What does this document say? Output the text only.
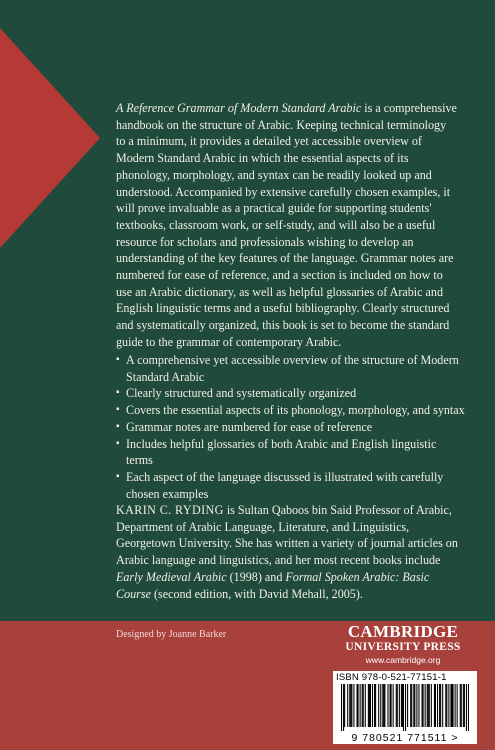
A Reference Grammar of Modern Standard Arabic is a comprehensive handbook on the structure of Arabic. Keeping technical terminology to a minimum, it provides a detailed yet accessible overview of Modern Standard Arabic in which the essential aspects of its phonology, morphology, and syntax can be readily looked up and understood. Accompanied by extensive carefully chosen examples, it will prove invaluable as a practical guide for supporting students' textbooks, classroom work, or self-study, and will also be a useful resource for scholars and professionals wishing to develop an understanding of the key features of the language. Grammar notes are numbered for ease of reference, and a section is included on how to use an Arabic dictionary, as well as helpful glossaries of Arabic and English linguistic terms and a useful bibliography. Clearly structured and systematically organized, this book is set to become the standard guide to the grammar of contemporary Arabic.

▪ A comprehensive yet accessible overview of the structure of Modern Standard Arabic
▪ Clearly structured and systematically organized
▪ Covers the essential aspects of its phonology, morphology, and syntax
▪ Grammar notes are numbered for ease of reference
▪ Includes helpful glossaries of both Arabic and English linguistic terms
▪ Each aspect of the language discussed is illustrated with carefully chosen examples

KARIN C. RYDING is Sultan Qaboos bin Said Professor of Arabic, Department of Arabic Language, Literature, and Linguistics, Georgetown University. She has written a variety of journal articles on Arabic language and linguistics, and her most recent books include Early Medieval Arabic (1998) and Formal Spoken Arabic: Basic Course (second edition, with David Mehall, 2005).

Designed by Joanne Barker	CAMBRIDGE
UNIVERSITY PRESS
www.cambridge.org
ISBN 978-0-521-77151-1
9 780521 771511 >
